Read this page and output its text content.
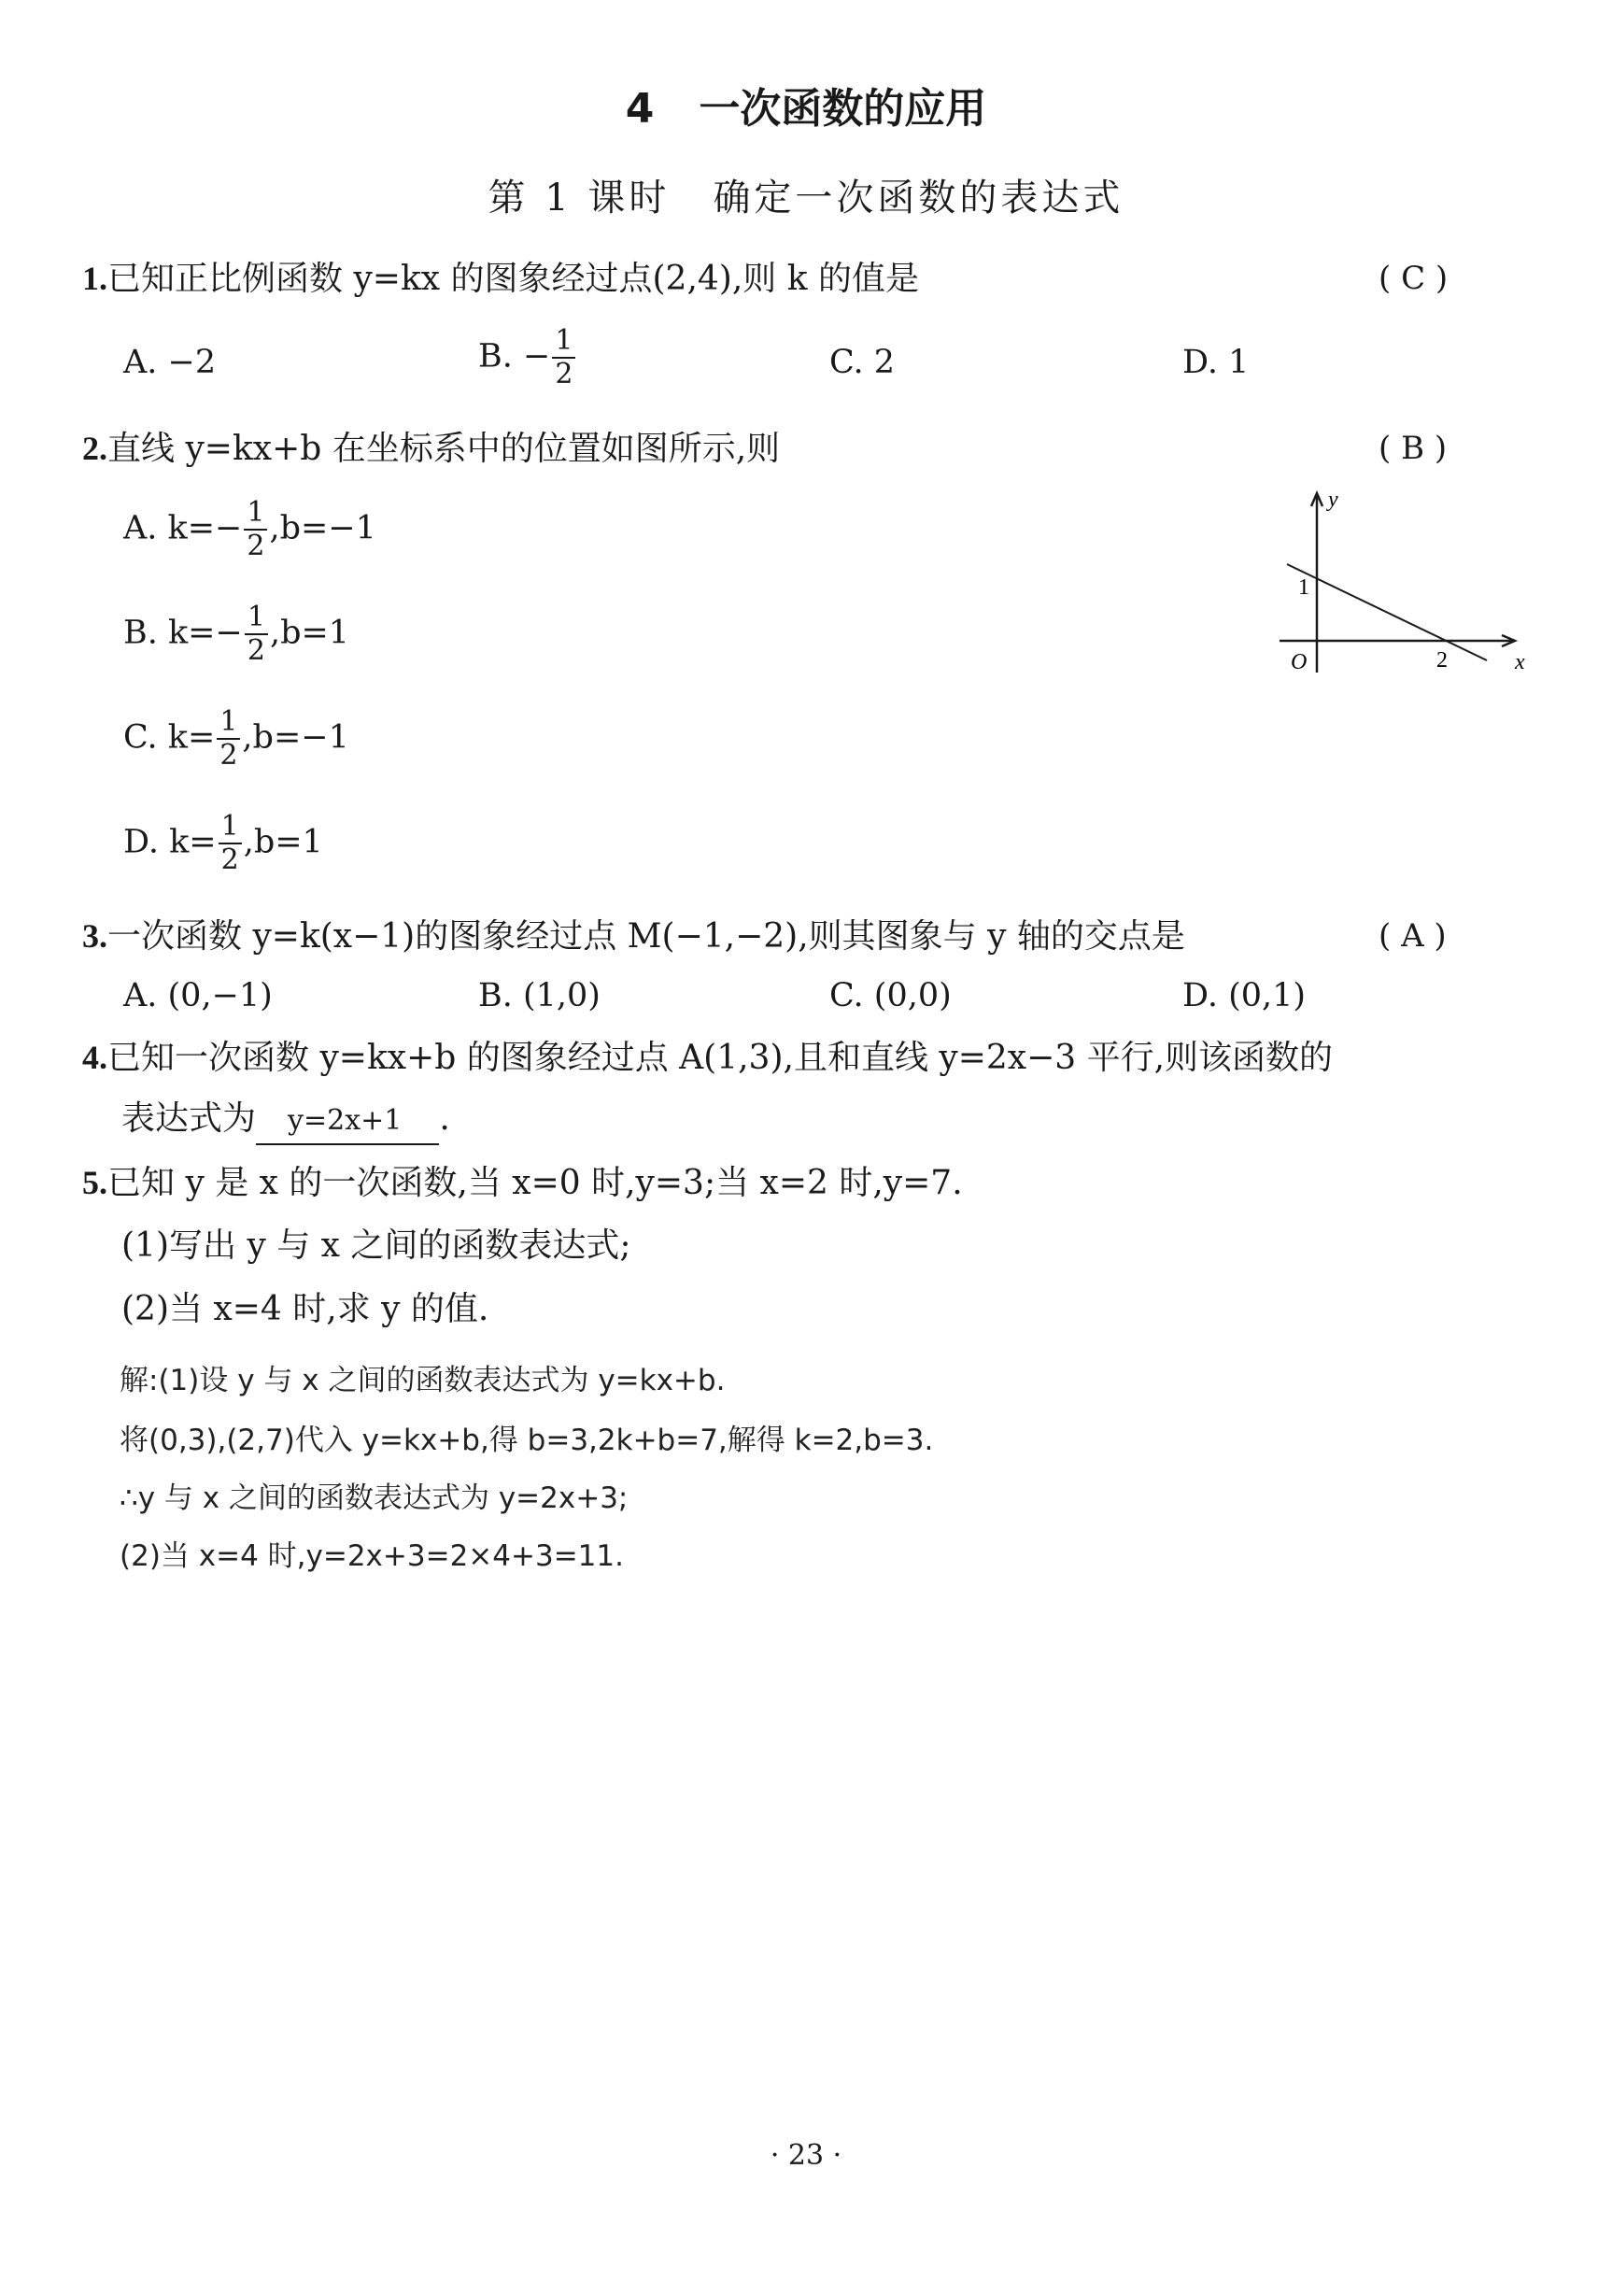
4 一次函数的应用
第 1 课时 确定一次函数的表达式
1.已知正比例函数 y=kx 的图象经过点(2,4),则 k 的值是	( C )
A. −2	B. − $\frac{1}{2}$	C. 2	D. 1
2.直线 y=kx+b 在坐标系中的位置如图所示,则	( B )
A. $k=- \frac{1}{2} ,b=-1$
B. $k=- \frac{1}{2} ,b=1$
C. $k= \frac{1}{2} ,b=-1$
D. $k= \frac{1}{2} ,b=1$
y
x
O
1
2
3.一次函数 y=k(x−1)的图象经过点 M(−1,−2),则其图象与 y 轴的交点是	( A )
A. (0,−1)	B. (1,0)	C. (0,0)	D. (0,1)
4.已知一次函数 y=kx+b 的图象经过点 A(1,3),且和直线 y=2x−3 平行,则该函数的
表达式为 y=2x+1 .
5.已知 y 是 x 的一次函数,当 x=0 时,y=3;当 x=2 时,y=7.
(1)写出 y 与 x 之间的函数表达式;
(2)当 x=4 时,求 y 的值.
解:(1)设 y 与 x 之间的函数表达式为 y=kx+b.
将(0,3),(2,7)代入 y=kx+b,得 b=3,2k+b=7,解得 k=2,b=3.
∴y 与 x 之间的函数表达式为 y=2x+3;
(2)当 x=4 时,y=2x+3=2×4+3=11.
· 23 ·
